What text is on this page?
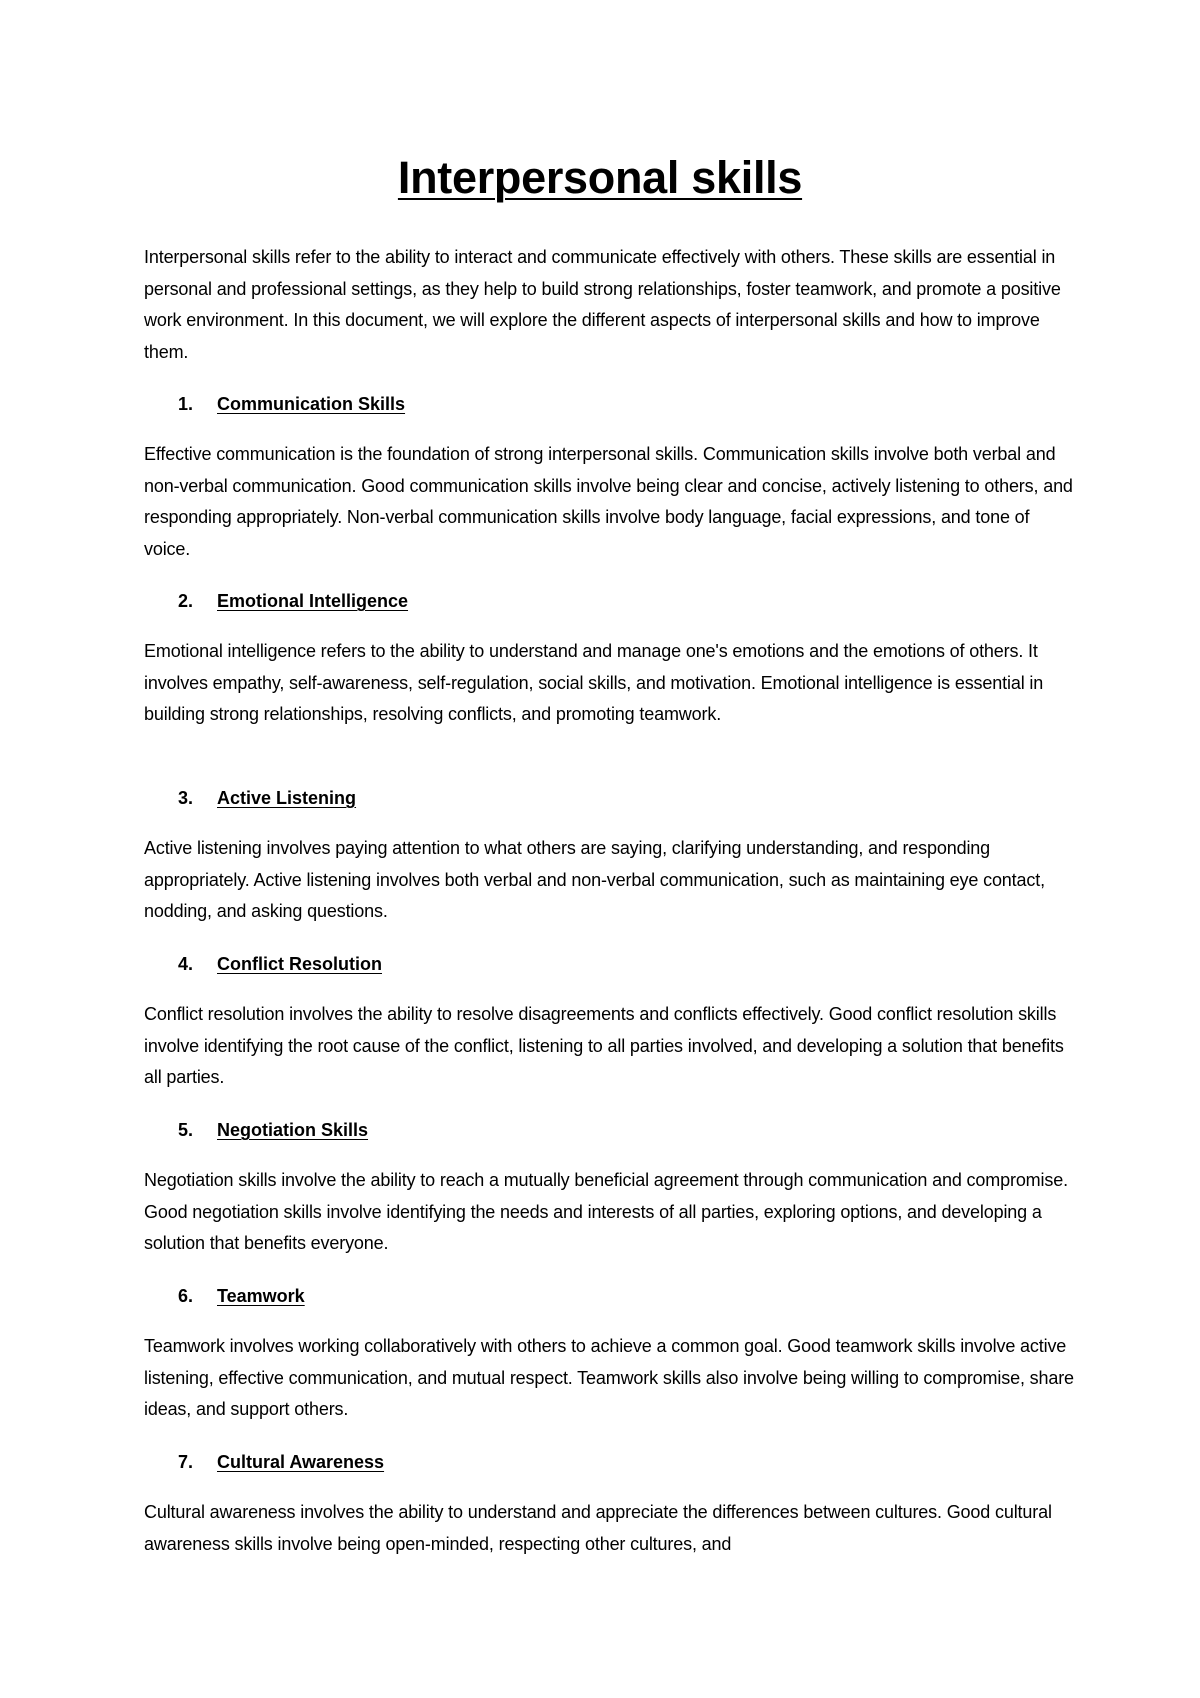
Interpersonal skills

Interpersonal skills refer to the ability to interact and communicate effectively with others. These skills are essential in personal and professional settings, as they help to build strong relationships, foster teamwork, and promote a positive work environment. In this document, we will explore the different aspects of interpersonal skills and how to improve them.

1. Communication Skills

Effective communication is the foundation of strong interpersonal skills. Communication skills involve both verbal and non-verbal communication. Good communication skills involve being clear and concise, actively listening to others, and responding appropriately. Non-verbal communication skills involve body language, facial expressions, and tone of voice.

2. Emotional Intelligence

Emotional intelligence refers to the ability to understand and manage one's emotions and the emotions of others. It involves empathy, self-awareness, self-regulation, social skills, and motivation. Emotional intelligence is essential in building strong relationships, resolving conflicts, and promoting teamwork.

3. Active Listening

Active listening involves paying attention to what others are saying, clarifying understanding, and responding appropriately. Active listening involves both verbal and non-verbal communication, such as maintaining eye contact, nodding, and asking questions.

4. Conflict Resolution

Conflict resolution involves the ability to resolve disagreements and conflicts effectively. Good conflict resolution skills involve identifying the root cause of the conflict, listening to all parties involved, and developing a solution that benefits all parties.

5. Negotiation Skills

Negotiation skills involve the ability to reach a mutually beneficial agreement through communication and compromise. Good negotiation skills involve identifying the needs and interests of all parties, exploring options, and developing a solution that benefits everyone.

6. Teamwork

Teamwork involves working collaboratively with others to achieve a common goal. Good teamwork skills involve active listening, effective communication, and mutual respect. Teamwork skills also involve being willing to compromise, share ideas, and support others.

7. Cultural Awareness

Cultural awareness involves the ability to understand and appreciate the differences between cultures. Good cultural awareness skills involve being open-minded, respecting other cultures, and
